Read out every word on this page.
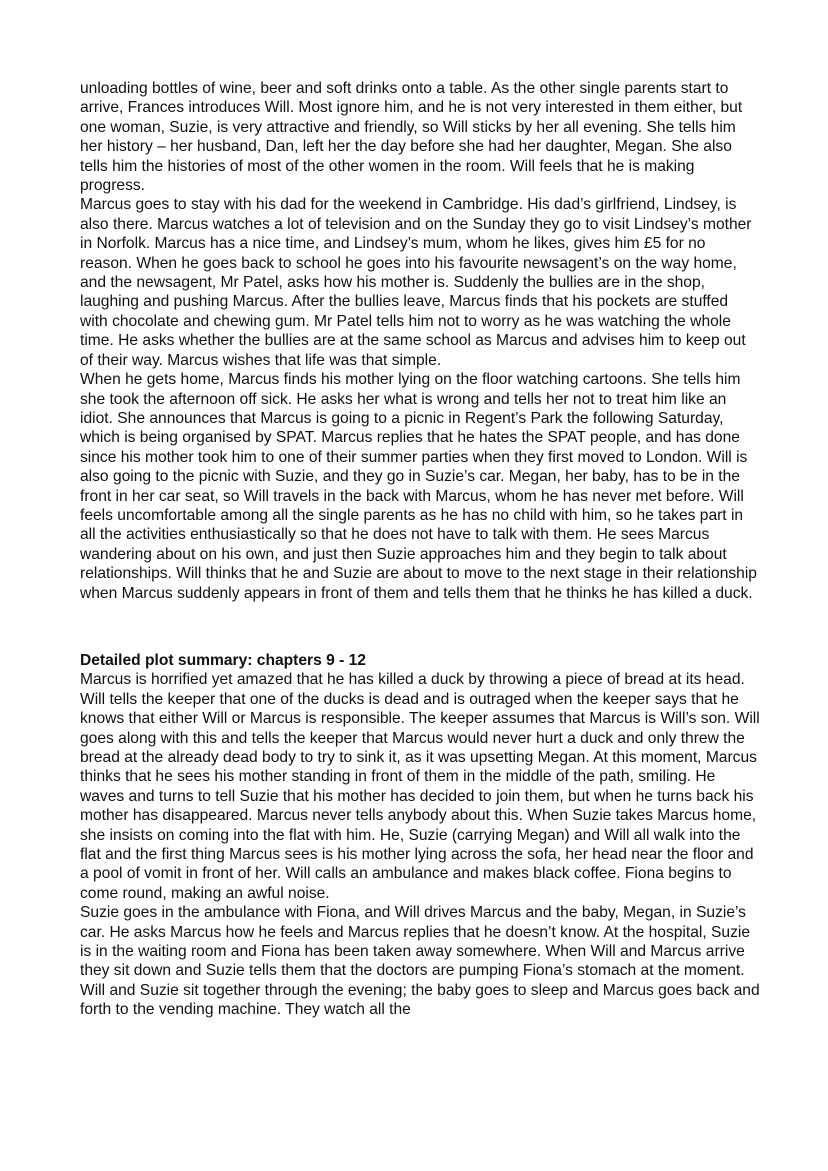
unloading bottles of wine, beer and soft drinks onto a table. As the other single parents start to arrive, Frances introduces Will. Most ignore him, and he is not very interested in them either, but one woman, Suzie, is very attractive and friendly, so Will sticks by her all evening. She tells him her history – her husband, Dan, left her the day before she had her daughter, Megan. She also tells him the histories of most of the other women in the room. Will feels that he is making progress.

Marcus goes to stay with his dad for the weekend in Cambridge. His dad’s girlfriend, Lindsey, is also there. Marcus watches a lot of television and on the Sunday they go to visit Lindsey’s mother in Norfolk. Marcus has a nice time, and Lindsey’s mum, whom he likes, gives him £5 for no reason. When he goes back to school he goes into his favourite newsagent’s on the way home, and the newsagent, Mr Patel, asks how his mother is. Suddenly the bullies are in the shop, laughing and pushing Marcus. After the bullies leave, Marcus finds that his pockets are stuffed with chocolate and chewing gum. Mr Patel tells him not to worry as he was watching the whole time. He asks whether the bullies are at the same school as Marcus and advises him to keep out of their way. Marcus wishes that life was that simple.

When he gets home, Marcus finds his mother lying on the floor watching cartoons. She tells him she took the afternoon off sick. He asks her what is wrong and tells her not to treat him like an idiot. She announces that Marcus is going to a picnic in Regent’s Park the following Saturday, which is being organised by SPAT. Marcus replies that he hates the SPAT people, and has done since his mother took him to one of their summer parties when they first moved to London. Will is also going to the picnic with Suzie, and they go in Suzie’s car. Megan, her baby, has to be in the front in her car seat, so Will travels in the back with Marcus, whom he has never met before. Will feels uncomfortable among all the single parents as he has no child with him, so he takes part in all the activities enthusiastically so that he does not have to talk with them. He sees Marcus wandering about on his own, and just then Suzie approaches him and they begin to talk about relationships. Will thinks that he and Suzie are about to move to the next stage in their relationship when Marcus suddenly appears in front of them and tells them that he thinks he has killed a duck.

Detailed plot summary: chapters 9 - 12

Marcus is horrified yet amazed that he has killed a duck by throwing a piece of bread at its head. Will tells the keeper that one of the ducks is dead and is outraged when the keeper says that he knows that either Will or Marcus is responsible. The keeper assumes that Marcus is Will’s son. Will goes along with this and tells the keeper that Marcus would never hurt a duck and only threw the bread at the already dead body to try to sink it, as it was upsetting Megan. At this moment, Marcus thinks that he sees his mother standing in front of them in the middle of the path, smiling. He waves and turns to tell Suzie that his mother has decided to join them, but when he turns back his mother has disappeared. Marcus never tells anybody about this. When Suzie takes Marcus home, she insists on coming into the flat with him. He, Suzie (carrying Megan) and Will all walk into the flat and the first thing Marcus sees is his mother lying across the sofa, her head near the floor and a pool of vomit in front of her. Will calls an ambulance and makes black coffee. Fiona begins to come round, making an awful noise.

Suzie goes in the ambulance with Fiona, and Will drives Marcus and the baby, Megan, in Suzie’s car. He asks Marcus how he feels and Marcus replies that he doesn’t know. At the hospital, Suzie is in the waiting room and Fiona has been taken away somewhere. When Will and Marcus arrive they sit down and Suzie tells them that the doctors are pumping Fiona’s stomach at the moment. Will and Suzie sit together through the evening; the baby goes to sleep and Marcus goes back and forth to the vending machine. They watch all the
